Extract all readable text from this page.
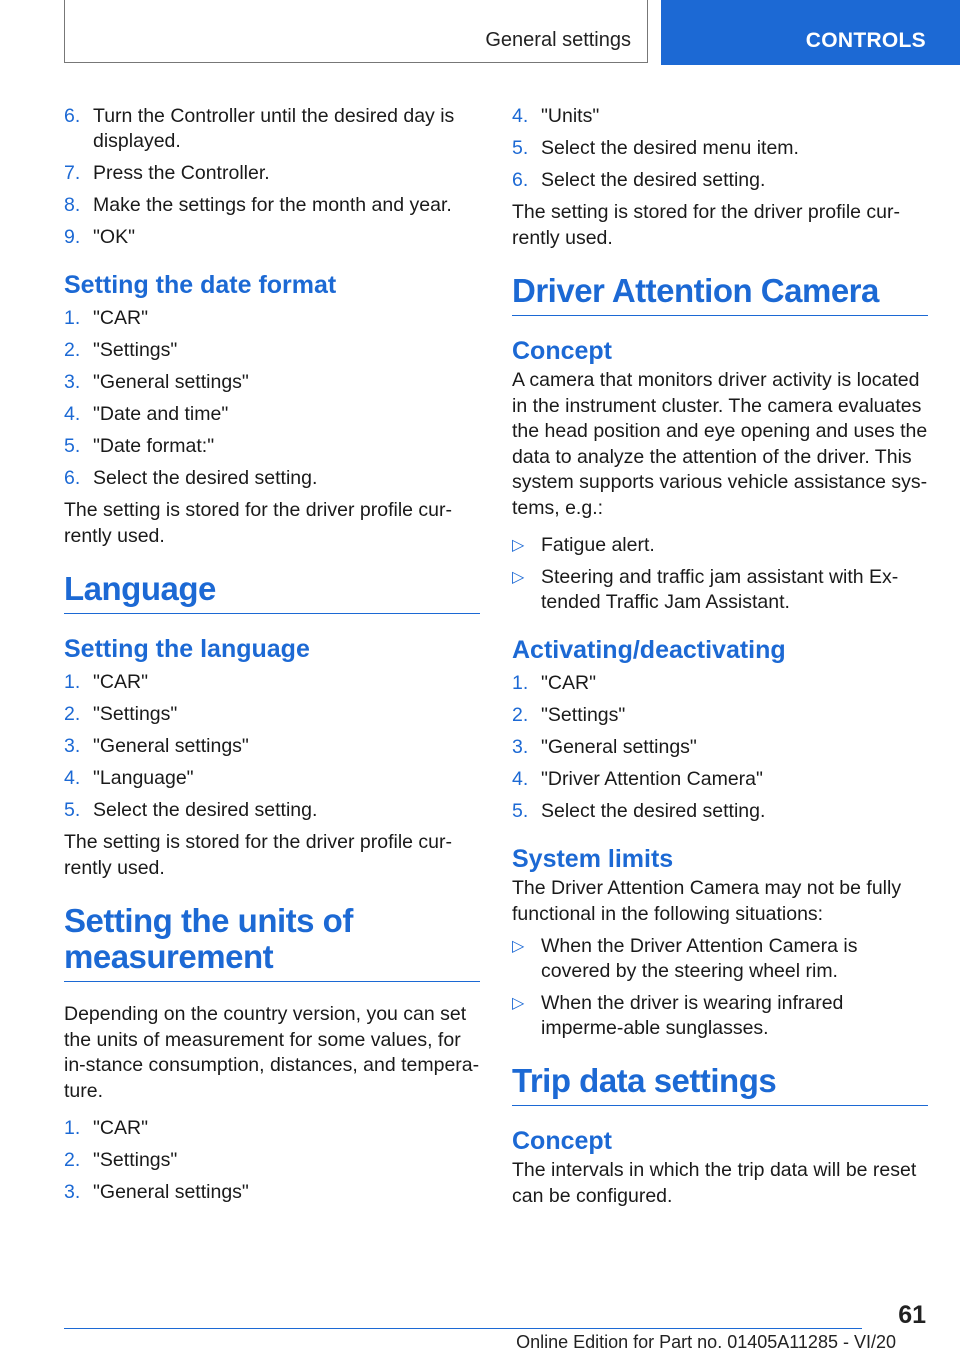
General settings	CONTROLS
6. Turn the Controller until the desired day is displayed.
7. Press the Controller.
8. Make the settings for the month and year.
9. "OK"
Setting the date format
1. "CAR"
2. "Settings"
3. "General settings"
4. "Date and time"
5. "Date format:"
6. Select the desired setting.

The setting is stored for the driver profile cur-rently used.

Language
Setting the language
1. "CAR"
2. "Settings"
3. "General settings"
4. "Language"
5. Select the desired setting.

The setting is stored for the driver profile cur-rently used.

Setting the units of measurement

Depending on the country version, you can set the units of measurement for some values, for in-stance consumption, distances, and tempera-ture.

1. "CAR"
2. "Settings"
3. "General settings"
4. "Units"
5. Select the desired menu item.
6. Select the desired setting.

The setting is stored for the driver profile cur-rently used.

Driver Attention Camera
Concept

A camera that monitors driver activity is located in the instrument cluster. The camera evaluates the head position and eye opening and uses the data to analyze the attention of the driver. This system supports various vehicle assistance sys-tems, e.g.:

▷ Fatigue alert.
▷ Steering and traffic jam assistant with Ex-tended Traffic Jam Assistant.
Activating/deactivating
1. "CAR"
2. "Settings"
3. "General settings"
4. "Driver Attention Camera"
5. Select the desired setting.
System limits

The Driver Attention Camera may not be fully functional in the following situations:

▷ When the Driver Attention Camera is covered by the steering wheel rim.
▷ When the driver is wearing infrared imperme-able sunglasses.
Trip data settings
Concept

The intervals in which the trip data will be reset can be configured.

61
Online Edition for Part no. 01405A11285 - VI/20
